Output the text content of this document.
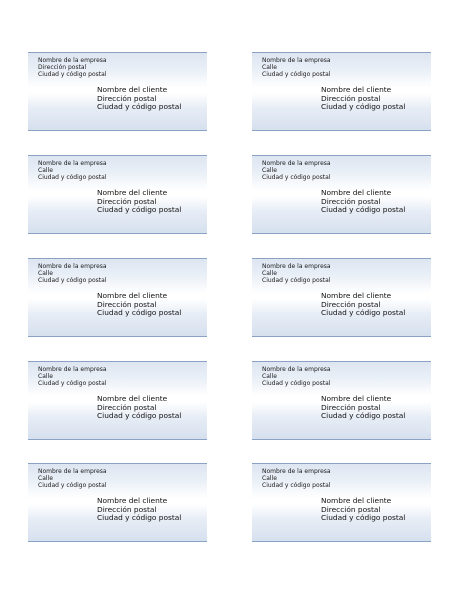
Nombre de la empresa
Dirección postal
Ciudad y código postal
Nombre del cliente
Dirección postal
Ciudad y código postal
Nombre de la empresa
Calle
Ciudad y código postal
Nombre del cliente
Dirección postal
Ciudad y código postal
Nombre de la empresa
Calle
Ciudad y código postal
Nombre del cliente
Dirección postal
Ciudad y código postal
Nombre de la empresa
Calle
Ciudad y código postal
Nombre del cliente
Dirección postal
Ciudad y código postal
Nombre de la empresa
Calle
Ciudad y código postal
Nombre del cliente
Dirección postal
Ciudad y código postal
Nombre de la empresa
Calle
Ciudad y código postal
Nombre del cliente
Dirección postal
Ciudad y código postal
Nombre de la empresa
Calle
Ciudad y código postal
Nombre del cliente
Dirección postal
Ciudad y código postal
Nombre de la empresa
Calle
Ciudad y código postal
Nombre del cliente
Dirección postal
Ciudad y código postal
Nombre de la empresa
Calle
Ciudad y código postal
Nombre del cliente
Dirección postal
Ciudad y código postal
Nombre de la empresa
Calle
Ciudad y código postal
Nombre del cliente
Dirección postal
Ciudad y código postal
